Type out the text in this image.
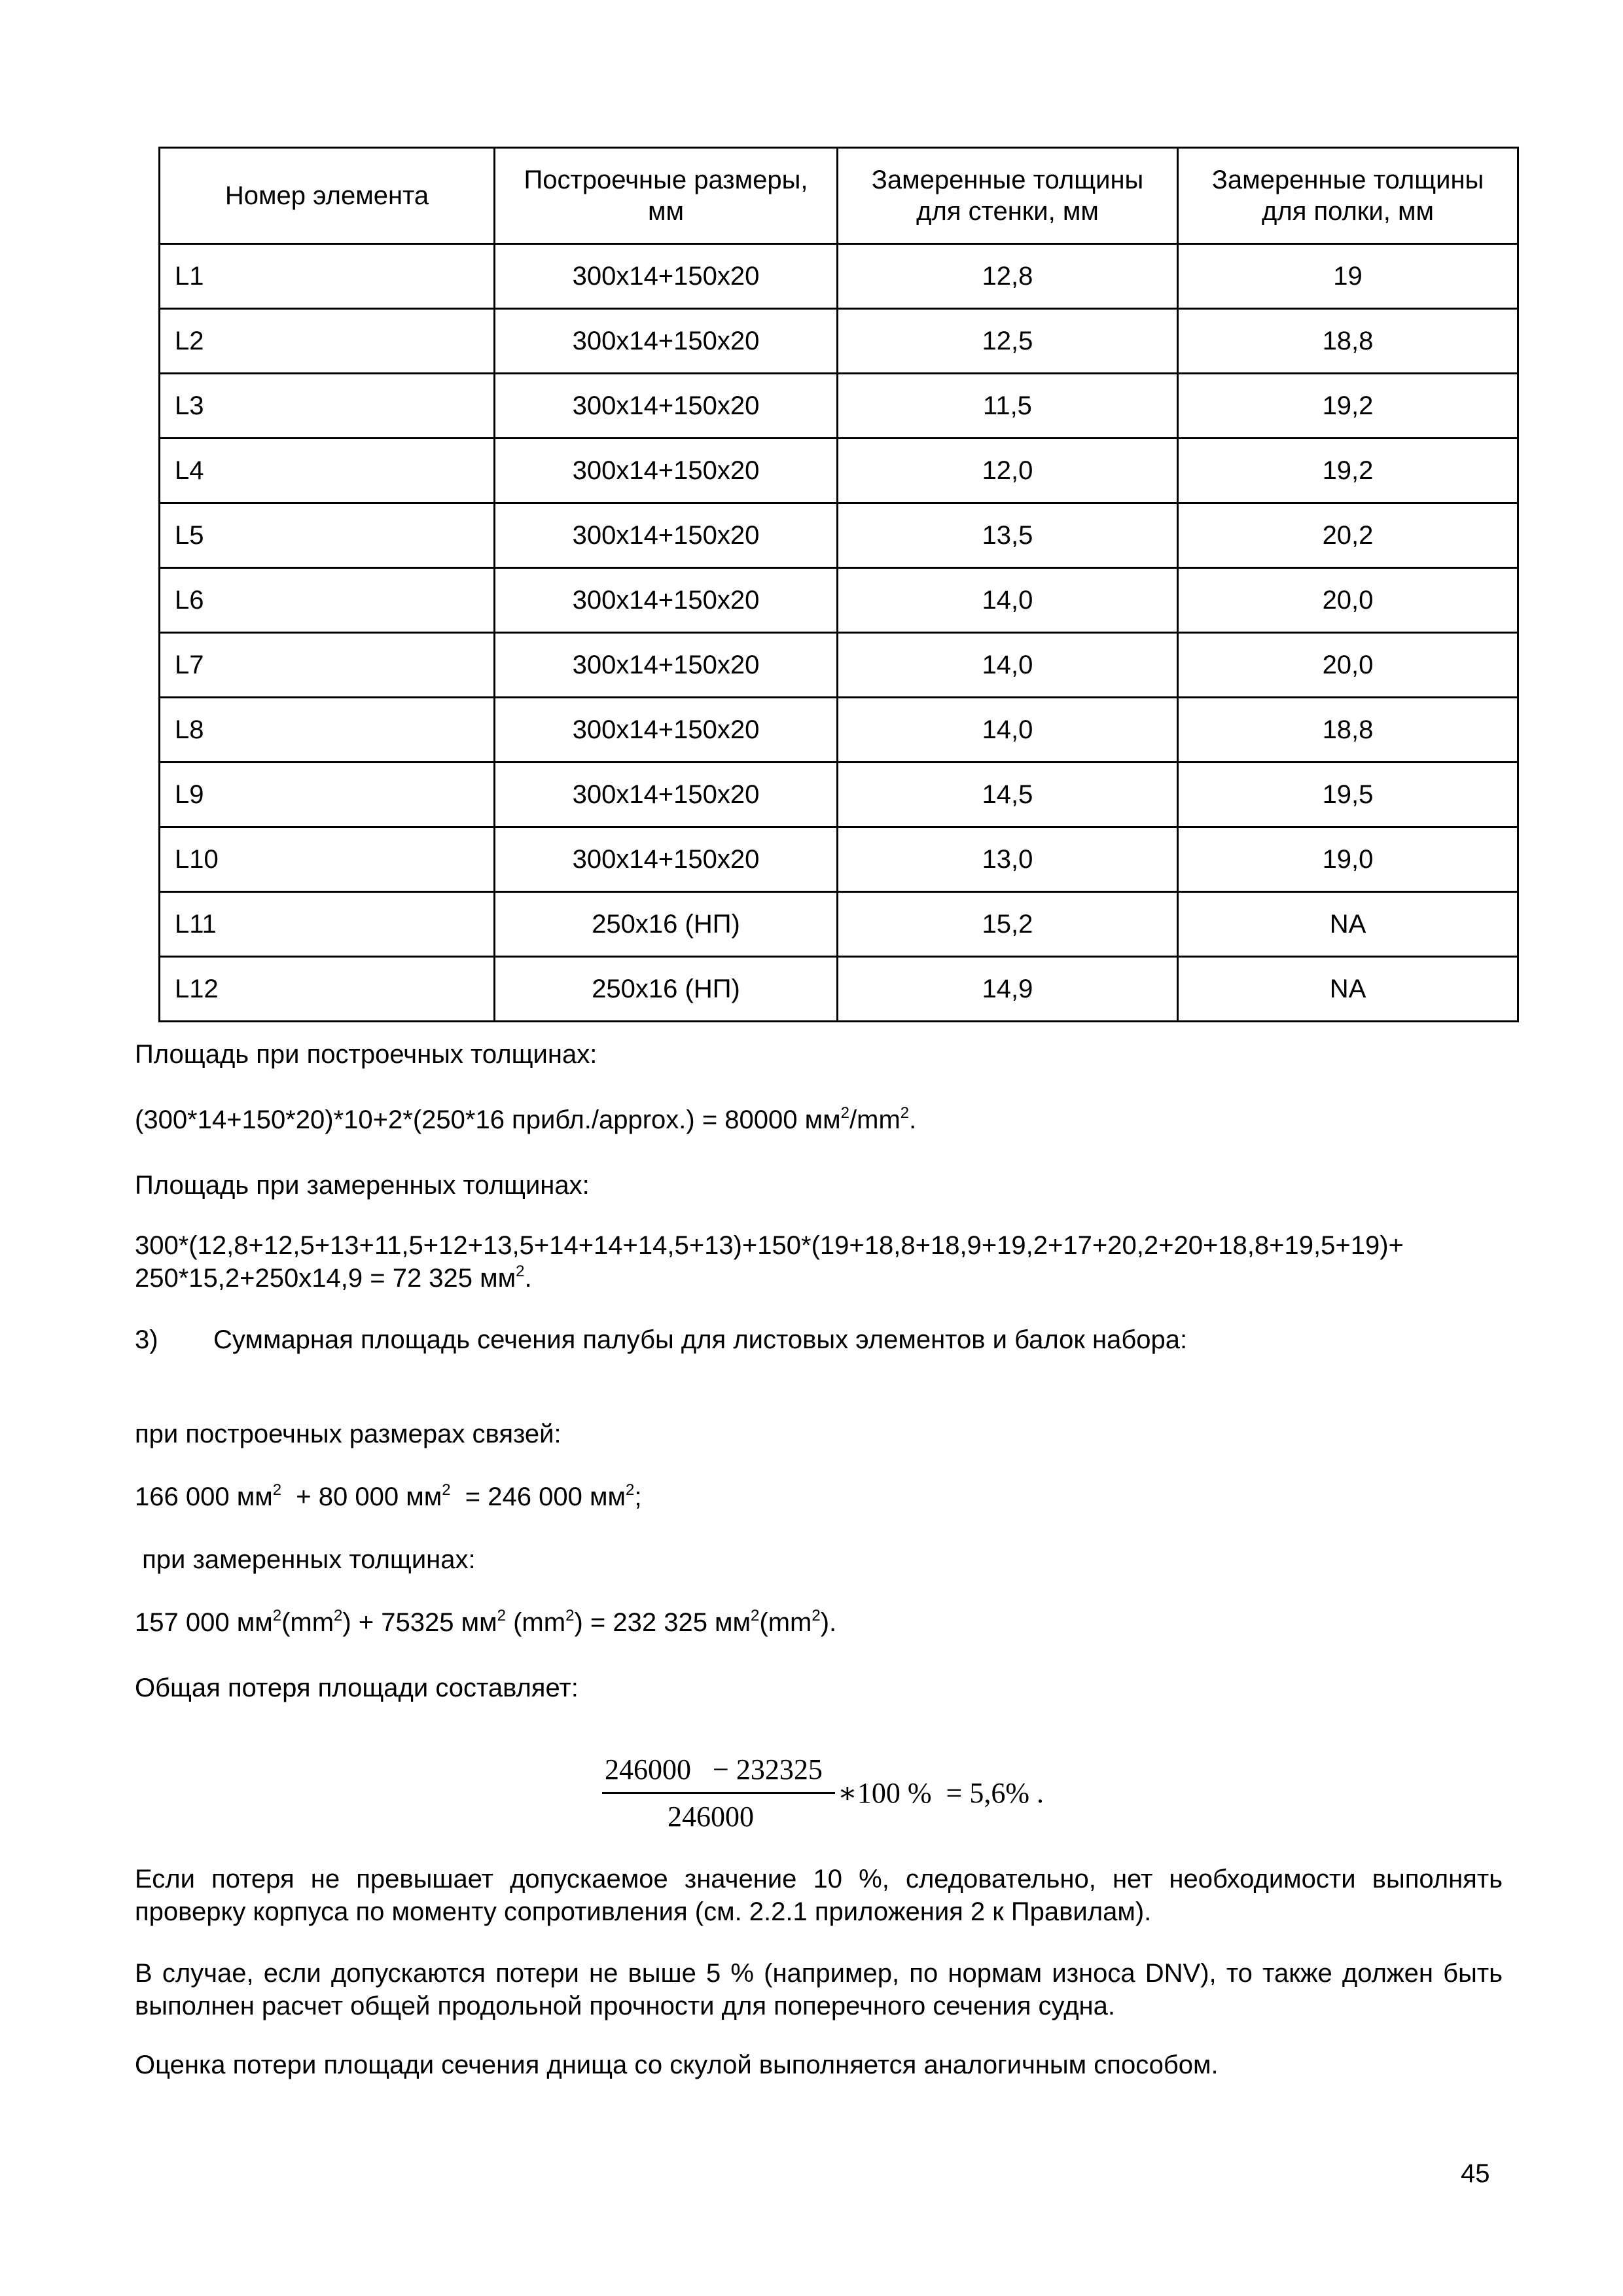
Номер элемента	Построечные размеры, мм	Замеренные толщины для стенки, мм	Замеренные толщины для полки, мм
L1	300x14+150x20	12,8	19
L2	300x14+150x20	12,5	18,8
L3	300x14+150x20	11,5	19,2
L4	300x14+150x20	12,0	19,2
L5	300x14+150x20	13,5	20,2
L6	300x14+150x20	14,0	20,0
L7	300x14+150x20	14,0	20,0
L8	300x14+150x20	14,0	18,8
L9	300x14+150x20	14,5	19,5
L10	300x14+150x20	13,0	19,0
L11	250x16 (НП)	15,2	NA
L12	250x16 (НП)	14,9	NA
Площадь при построечных толщинах:
(300*14+150*20)*10+2*(250*16 прибл./approx.) = 80000 $мм^2/mm^2$.
Площадь при замеренных толщинах:
300*(12,8+12,5+13+11,5+12+13,5+14+14+14,5+13)+150*(19+18,8+18,9+19,2+17+20,2+20+18,8+19,5+19)+
250*15,2+250x14,9 = 72 325 $мм^2$.
3) Суммарная площадь сечения палубы для листовых элементов и балок набора:
при построечных размерах связей:
166 000 $мм^2 + 80$ 000 $мм^2 = 246$ 000 $мм^2$;
при замеренных толщинах:
157 000 $мм^2(mm^2) + 75325$ $мм^2$ $(mm^2) = 232$ 325 $мм^2(mm^2)$.
Общая потеря площади составляет:
246000   − 232325
246000
∗100 %  = 5,6% .
Если потеря не превышает допускаемое значение 10 %, следовательно, нет необходимости выполнять проверку корпуса по моменту сопротивления (см. 2.2.1 приложения 2 к Правилам).
В случае, если допускаются потери не выше 5 % (например, по нормам износа DNV), то также должен быть выполнен расчет общей продольной прочности для поперечного сечения судна.
Оценка потери площади сечения днища со скулой выполняется аналогичным способом.
45
